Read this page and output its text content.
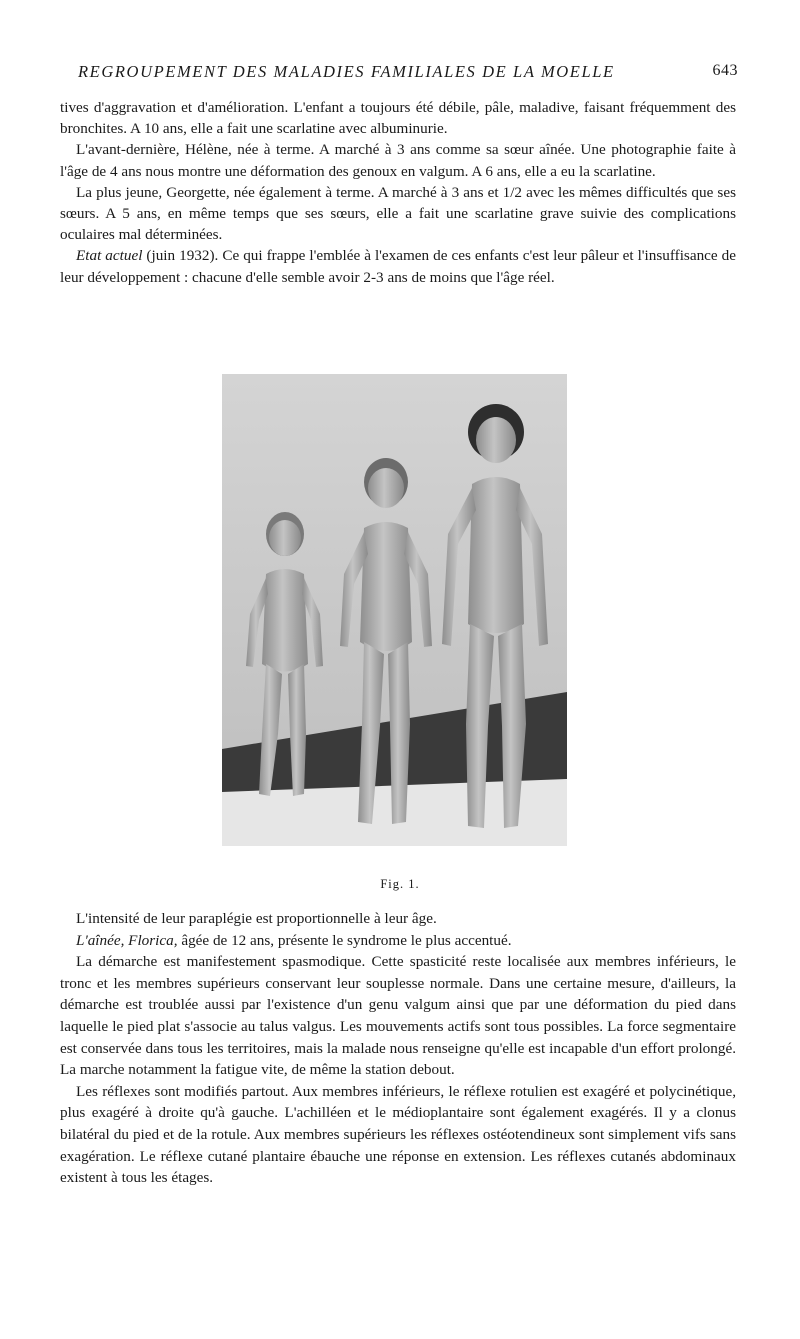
REGROUPEMENT DES MALADIES FAMILIALES DE LA MOELLE	643

tives d'aggravation et d'amélioration. L'enfant a toujours été débile, pâle, maladive, faisant fréquemment des bronchites. A 10 ans, elle a fait une scarlatine avec albuminurie.

L'avant-dernière, Hélène, née à terme. A marché à 3 ans comme sa sœur aînée. Une photographie faite à l'âge de 4 ans nous montre une déformation des genoux en valgum. A 6 ans, elle a eu la scarlatine.

La plus jeune, Georgette, née également à terme. A marché à 3 ans et 1/2 avec les mêmes difficultés que ses sœurs. A 5 ans, en même temps que ses sœurs, elle a fait une scarlatine grave suivie des complications oculaires mal déterminées.

Etat actuel (juin 1932). Ce qui frappe l'emblée à l'examen de ces enfants c'est leur pâleur et l'insuffisance de leur développement : chacune d'elle semble avoir 2-3 ans de moins que l'âge réel.

Fig. 1.

L'intensité de leur paraplégie est proportionnelle à leur âge.

L'aînée, Florica, âgée de 12 ans, présente le syndrome le plus accentué.

La démarche est manifestement spasmodique. Cette spasticité reste localisée aux membres inférieurs, le tronc et les membres supérieurs conservant leur souplesse normale. Dans une certaine mesure, d'ailleurs, la démarche est troublée aussi par l'existence d'un genu valgum ainsi que par une déformation du pied dans laquelle le pied plat s'associe au talus valgus. Les mouvements actifs sont tous possibles. La force segmentaire est conservée dans tous les territoires, mais la malade nous renseigne qu'elle est incapable d'un effort prolongé. La marche notamment la fatigue vite, de même la station debout.

Les réflexes sont modifiés partout. Aux membres inférieurs, le réflexe rotulien est exagéré et polycinétique, plus exagéré à droite qu'à gauche. L'achilléen et le médioplantaire sont également exagérés. Il y a clonus bilatéral du pied et de la rotule. Aux membres supérieurs les réflexes ostéotendineux sont simplement vifs sans exagération. Le réflexe cutané plantaire ébauche une réponse en extension. Les réflexes cutanés abdominaux existent à tous les étages.
